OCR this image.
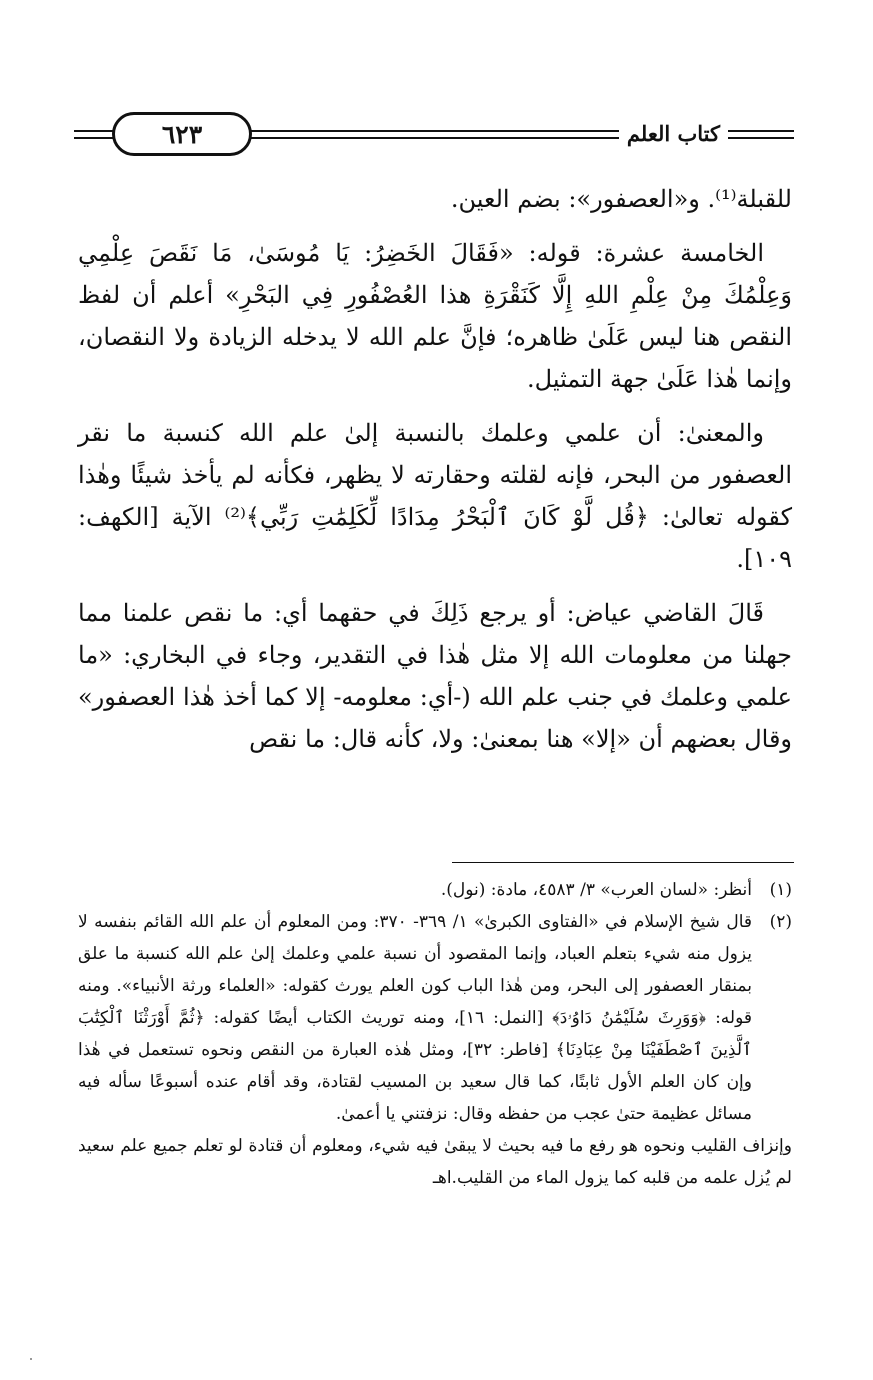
٦٢٣	كتاب العلم

للقبلة⁽¹⁾. و«العصفور»: بضم العين.

الخامسة عشرة: قوله: «فَقَالَ الخَضِرُ: يَا مُوسَىٰ، مَا نَقَصَ عِلْمِي وَعِلْمُكَ مِنْ عِلْمِ اللهِ إِلَّا كَنَقْرَةِ هذا العُصْفُورِ فِي البَحْرِ» أعلم أن لفظ النقص هنا ليس عَلَىٰ ظاهره؛ فإنَّ علم الله لا يدخله الزيادة ولا النقصان، وإنما هٰذا عَلَىٰ جهة التمثيل.

والمعنىٰ: أن علمي وعلمك بالنسبة إلىٰ علم الله كنسبة ما نقر العصفور من البحر، فإنه لقلته وحقارته لا يظهر، فكأنه لم يأخذ شيئًا وهٰذا كقوله تعالىٰ: ﴿قُل لَّوْ كَانَ ٱلْبَحْرُ مِدَادًا لِّكَلِمَٰتِ رَبِّي﴾⁽²⁾ الآية [الكهف: ١٠٩].

قَالَ القاضي عياض: أو يرجع ذَلِكَ في حقهما أي: ما نقص علمنا مما جهلنا من معلومات الله إلا مثل هٰذا في التقدير، وجاء في البخاري: «ما علمي وعلمك في جنب علم الله (-أي: معلومه- إلا كما أخذ هٰذا العصفور» وقال بعضهم أن «إلا» هنا بمعنىٰ: ولا، كأنه قال: ما نقص

(١)
أنظر: «لسان العرب» ٣/ ٤٥٨٣، مادة: (نول).
(٢)
قال شيخ الإسلام في «الفتاوى الكبرىٰ» ١/ ٣٦٩- ٣٧٠: ومن المعلوم أن علم الله القائم بنفسه لا يزول منه شيء بتعلم العباد، وإنما المقصود أن نسبة علمي وعلمك إلىٰ علم الله كنسبة ما علق بمنقار العصفور إلى البحر، ومن هٰذا الباب كون العلم يورث كقوله: «العلماء ورثة الأنبياء». ومنه قوله: ﴿وَوَرِثَ سُلَيْمَٰنُ دَاوُۥدَ﴾ [النمل: ١٦]، ومنه توريث الكتاب أيضًا كقوله: ﴿ثُمَّ أَوْرَثْنَا ٱلْكِتَٰبَ ٱلَّذِينَ ٱصْطَفَيْنَا مِنْ عِبَادِنَا﴾ [فاطر: ٣٢]، ومثل هٰذه العبارة من النقص ونحوه تستعمل في هٰذا وإن كان العلم الأول ثابتًا، كما قال سعيد بن المسيب لقتادة، وقد أقام عنده أسبوعًا سأله فيه مسائل عظيمة حتىٰ عجب من حفظه وقال: نزفتني يا أعمىٰ.

وإنزاف القليب ونحوه هو رفع ما فيه بحيث لا يبقىٰ فيه شيء، ومعلوم أن قتادة لو تعلم جميع علم سعيد لم يُزل علمه من قلبه كما يزول الماء من القليب.اهـ
